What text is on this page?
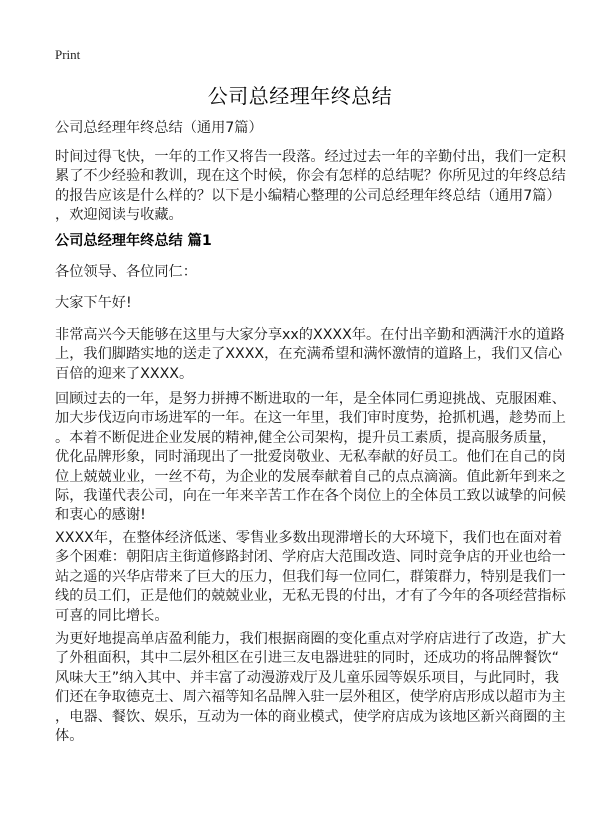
Print
公司总经理年终总结
公司总经理年终总结（通用7篇）
时间过得飞快，一年的工作又将告一段落。经过过去一年的辛勤付出，我们一定积
累了不少经验和教训，现在这个时候，你会有怎样的总结呢？你所见过的年终总结
的报告应该是什么样的？以下是小编精心整理的公司总经理年终总结（通用7篇）
，欢迎阅读与收藏。
公司总经理年终总结 篇1
各位领导、各位同仁：
大家下午好!
非常高兴今天能够在这里与大家分享xx的XXXX年。在付出辛勤和洒满汗水的道路
上，我们脚踏实地的送走了XXXX，在充满希望和满怀激情的道路上，我们又信心
百倍的迎来了XXXX。
回顾过去的一年，是努力拼搏不断进取的一年，是全体同仁勇迎挑战、克服困难、
加大步伐迈向市场进军的一年。在这一年里，我们审时度势，抢抓机遇，趁势而上
。本着不断促进企业发展的精神,健全公司架构，提升员工素质，提高服务质量，
优化品牌形象，同时涌现出了一批爱岗敬业、无私奉献的好员工。他们在自己的岗
位上兢兢业业，一丝不苟，为企业的发展奉献着自己的点点滴滴。值此新年到来之
际，我谨代表公司，向在一年来辛苦工作在各个岗位上的全体员工致以诚挚的问候
和衷心的感谢!
XXXX年，在整体经济低迷、零售业多数出现滞增长的大环境下，我们也在面对着
多个困难：朝阳店主街道修路封闭、学府店大范围改造、同时竞争店的开业也给一
站之遥的兴华店带来了巨大的压力，但我们每一位同仁，群策群力，特别是我们一
线的员工们，正是他们的兢兢业业，无私无畏的付出，才有了今年的各项经营指标
可喜的同比增长。
为更好地提高单店盈利能力，我们根据商圈的变化重点对学府店进行了改造，扩大
了外租面积，其中二层外租区在引进三友电器进驻的同时，还成功的将品牌餐饮“
风味大王”纳入其中、并丰富了动漫游戏厅及儿童乐园等娱乐项目，与此同时，我
们还在争取德克士、周六福等知名品牌入驻一层外租区，使学府店形成以超市为主
，电器、餐饮、娱乐，互动为一体的商业模式，使学府店成为该地区新兴商圈的主
体。
